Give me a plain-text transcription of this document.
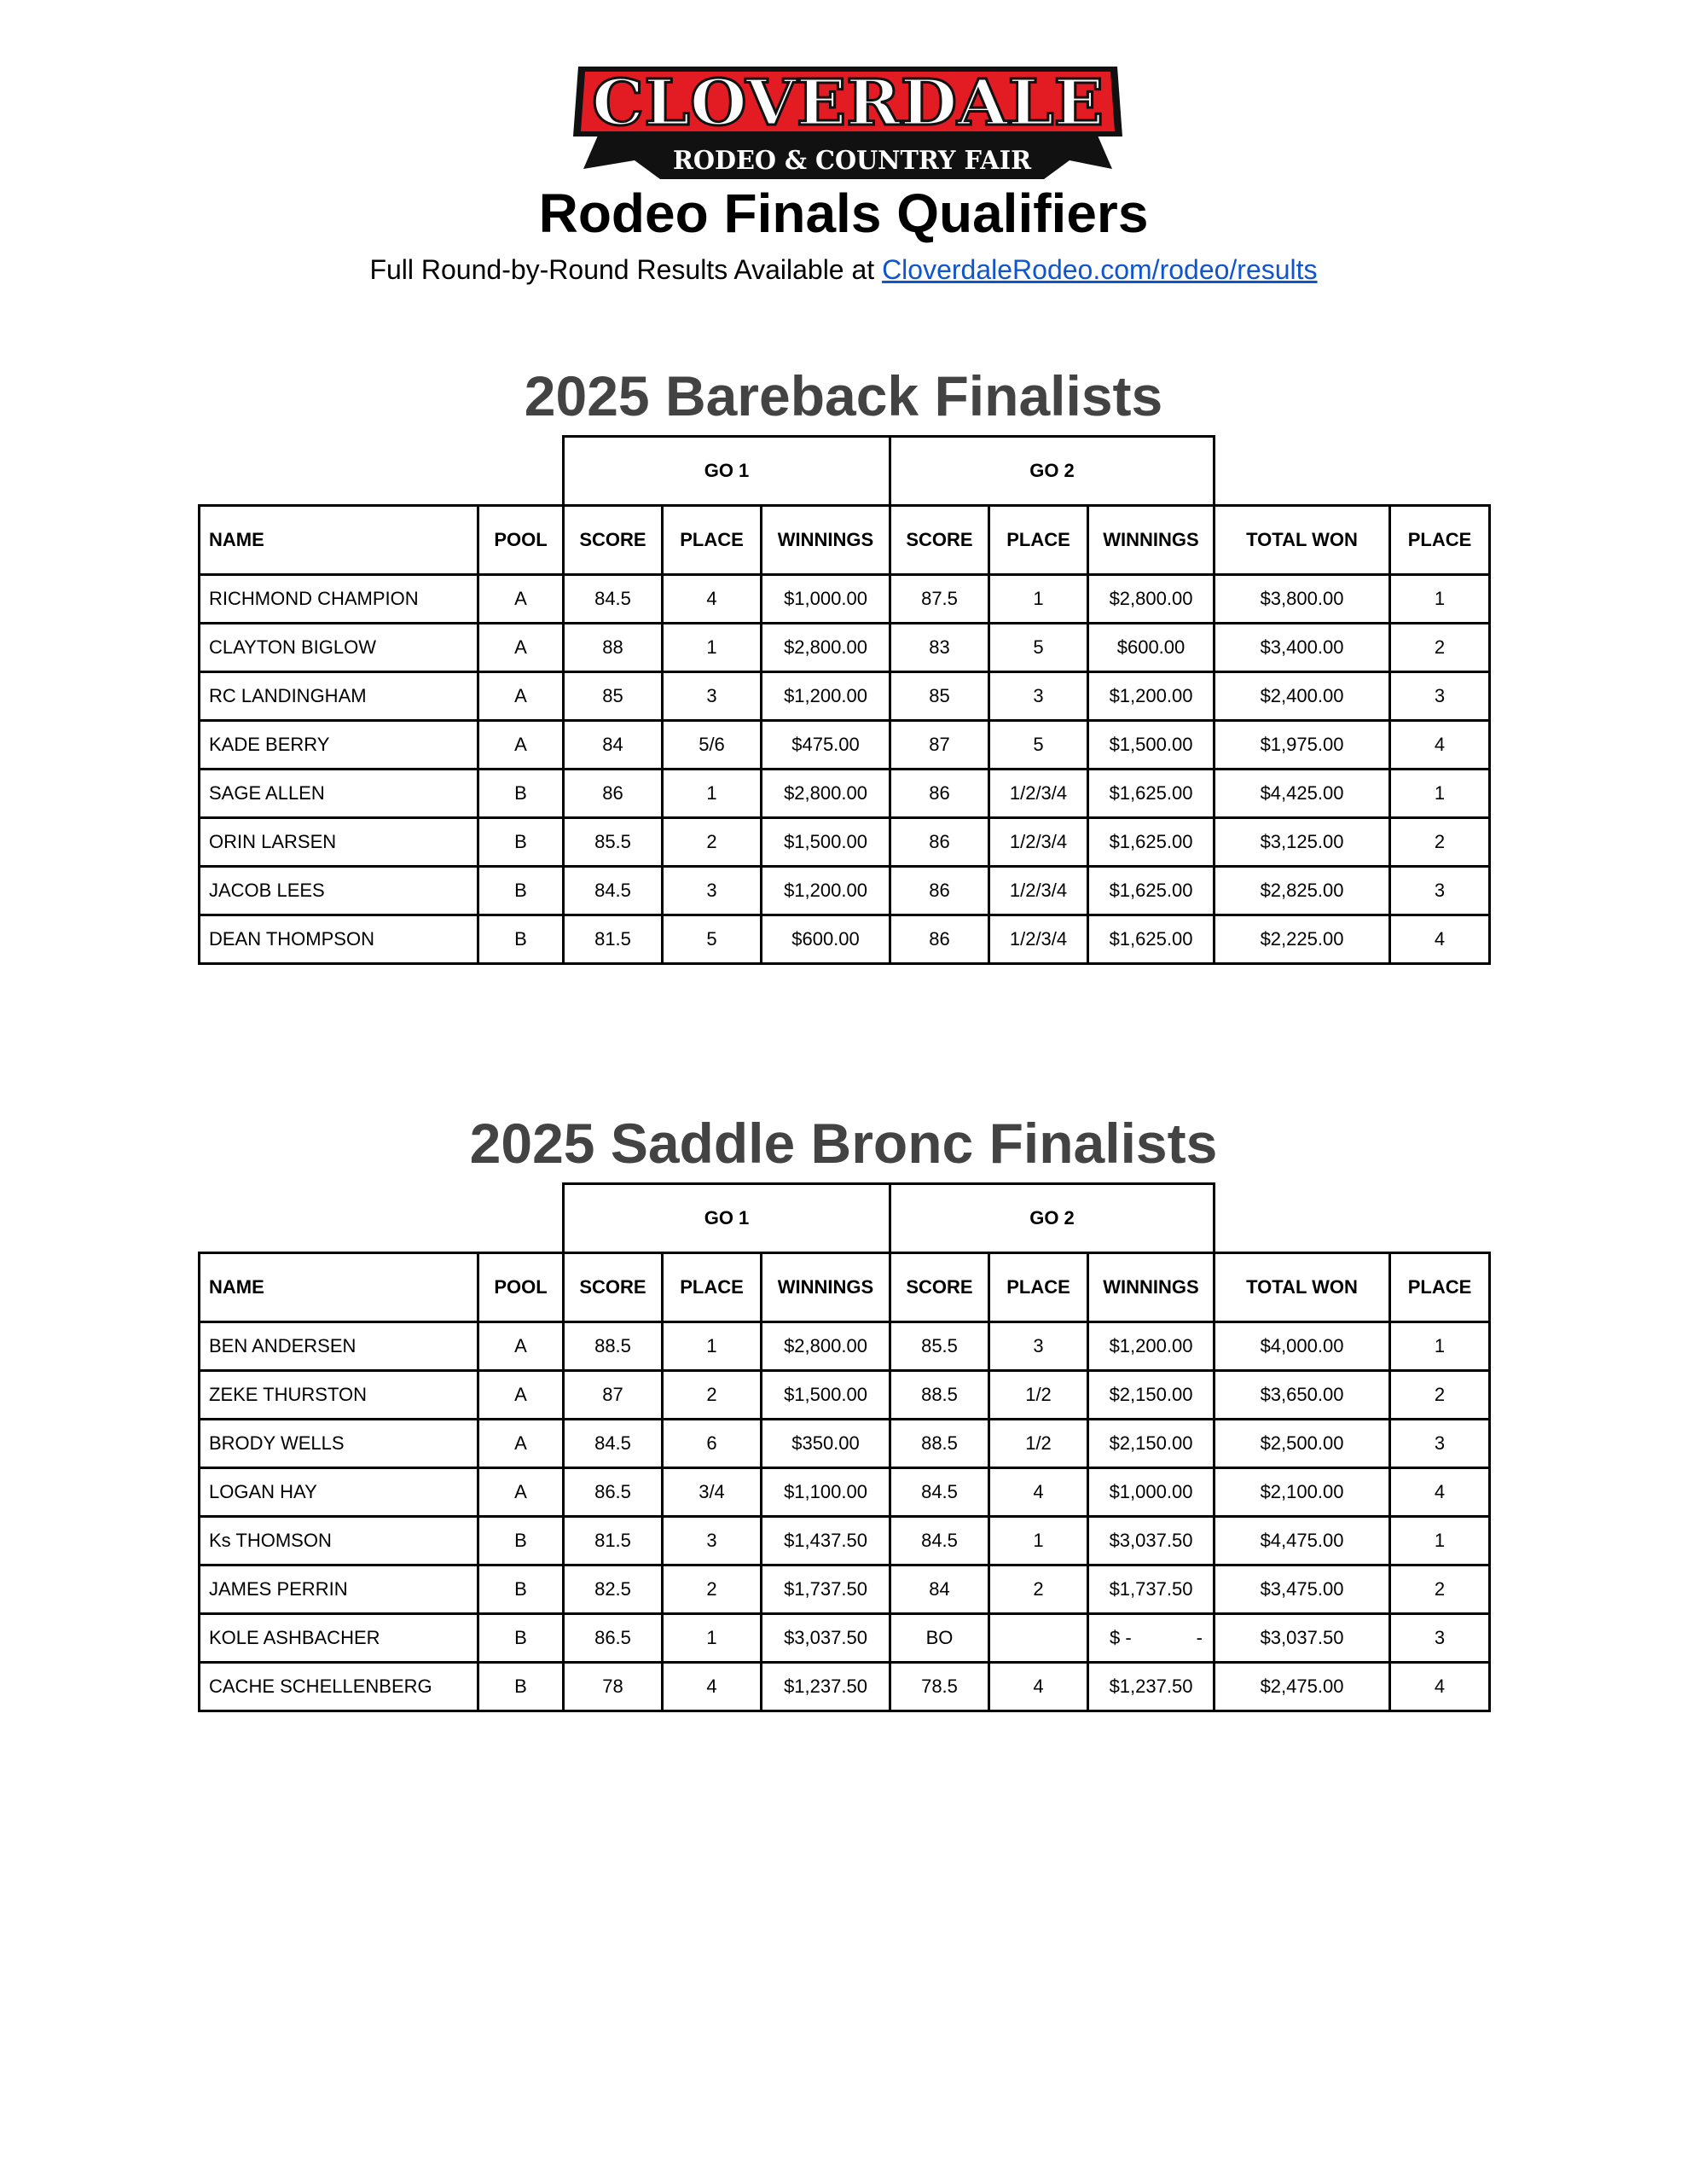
CLOVERDALE
RODEO & COUNTRY FAIR
Rodeo Finals Qualifiers
Full Round-by-Round Results Available at CloverdaleRodeo.com/rodeo/results
2025 Bareback Finalists
		GO 1			GO 2				
NAME	POOL	SCORE	PLACE	WINNINGS	SCORE	PLACE	WINNINGS	TOTAL WON	PLACE
RICHMOND CHAMPION	A	84.5	4	$1,000.00	87.5	1	$2,800.00	$3,800.00	1
CLAYTON BIGLOW	A	88	1	$2,800.00	83	5	$600.00	$3,400.00	2
RC LANDINGHAM	A	85	3	$1,200.00	85	3	$1,200.00	$2,400.00	3
KADE BERRY	A	84	5/6	$475.00	87	5	$1,500.00	$1,975.00	4
SAGE ALLEN	B	86	1	$2,800.00	86	1/2/3/4	$1,625.00	$4,425.00	1
ORIN LARSEN	B	85.5	2	$1,500.00	86	1/2/3/4	$1,625.00	$3,125.00	2
JACOB LEES	B	84.5	3	$1,200.00	86	1/2/3/4	$1,625.00	$2,825.00	3
DEAN THOMPSON	B	81.5	5	$600.00	86	1/2/3/4	$1,625.00	$2,225.00	4
2025 Saddle Bronc Finalists
		GO 1			GO 2				
NAME	POOL	SCORE	PLACE	WINNINGS	SCORE	PLACE	WINNINGS	TOTAL WON	PLACE
BEN ANDERSEN	A	88.5	1	$2,800.00	85.5	3	$1,200.00	$4,000.00	1
ZEKE THURSTON	A	87	2	$1,500.00	88.5	1/2	$2,150.00	$3,650.00	2
BRODY WELLS	A	84.5	6	$350.00	88.5	1/2	$2,150.00	$2,500.00	3
LOGAN HAY	A	86.5	3/4	$1,100.00	84.5	4	$1,000.00	$2,100.00	4
Ks THOMSON	B	81.5	3	$1,437.50	84.5	1	$3,037.50	$4,475.00	1
JAMES PERRIN	B	82.5	2	$1,737.50	84	2	$1,737.50	$3,475.00	2
KOLE ASHBACHER	B	86.5	1	$3,037.50	BO		$ - -	$3,037.50	3
CACHE SCHELLENBERG	B	78	4	$1,237.50	78.5	4	$1,237.50	$2,475.00	4
